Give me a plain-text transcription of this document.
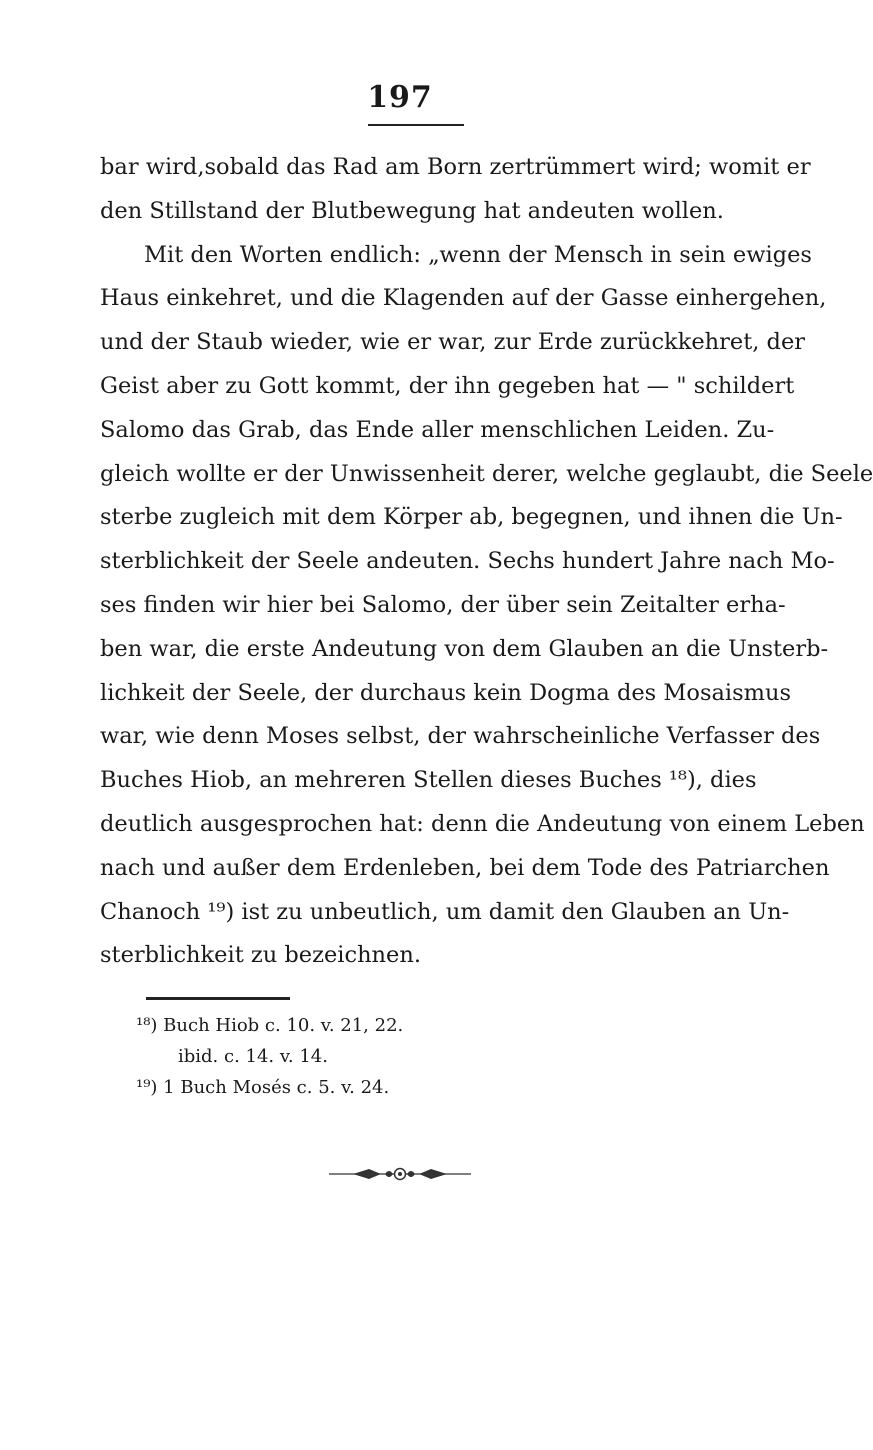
197
bar wird,sobald das Rad am Born zertrümmert wird; womit er
den Stillstand der Blutbewegung hat andeuten wollen.
Mit den Worten endlich: „wenn der Mensch in sein ewiges
Haus einkehret, und die Klagenden auf der Gasse einhergehen,
und der Staub wieder, wie er war, zur Erde zurückkehret, der
Geist aber zu Gott kommt, der ihn gegeben hat — " schildert
Salomo das Grab, das Ende aller menschlichen Leiden. Zu-
gleich wollte er der Unwissenheit derer, welche geglaubt, die Seele
sterbe zugleich mit dem Körper ab, begegnen, und ihnen die Un-
sterblichkeit der Seele andeuten. Sechs hundert Jahre nach Mo-
ses finden wir hier bei Salomo, der über sein Zeitalter erha-
ben war, die erste Andeutung von dem Glauben an die Unsterb-
lichkeit der Seele, der durchaus kein Dogma des Mosaismus
war, wie denn Moses selbst, der wahrscheinliche Verfasser des
Buches Hiob, an mehreren Stellen dieses Buches ¹⁸), dies
deutlich ausgesprochen hat: denn die Andeutung von einem Leben
nach und außer dem Erdenleben, bei dem Tode des Patriarchen
Chanoch ¹⁹) ist zu unbeutlich, um damit den Glauben an Un-
sterblichkeit zu bezeichnen.
¹⁸) Buch Hiob c. 10. v. 21, 22.
ibid. c. 14. v. 14.
¹⁹) 1 Buch Mosés c. 5. v. 24.
